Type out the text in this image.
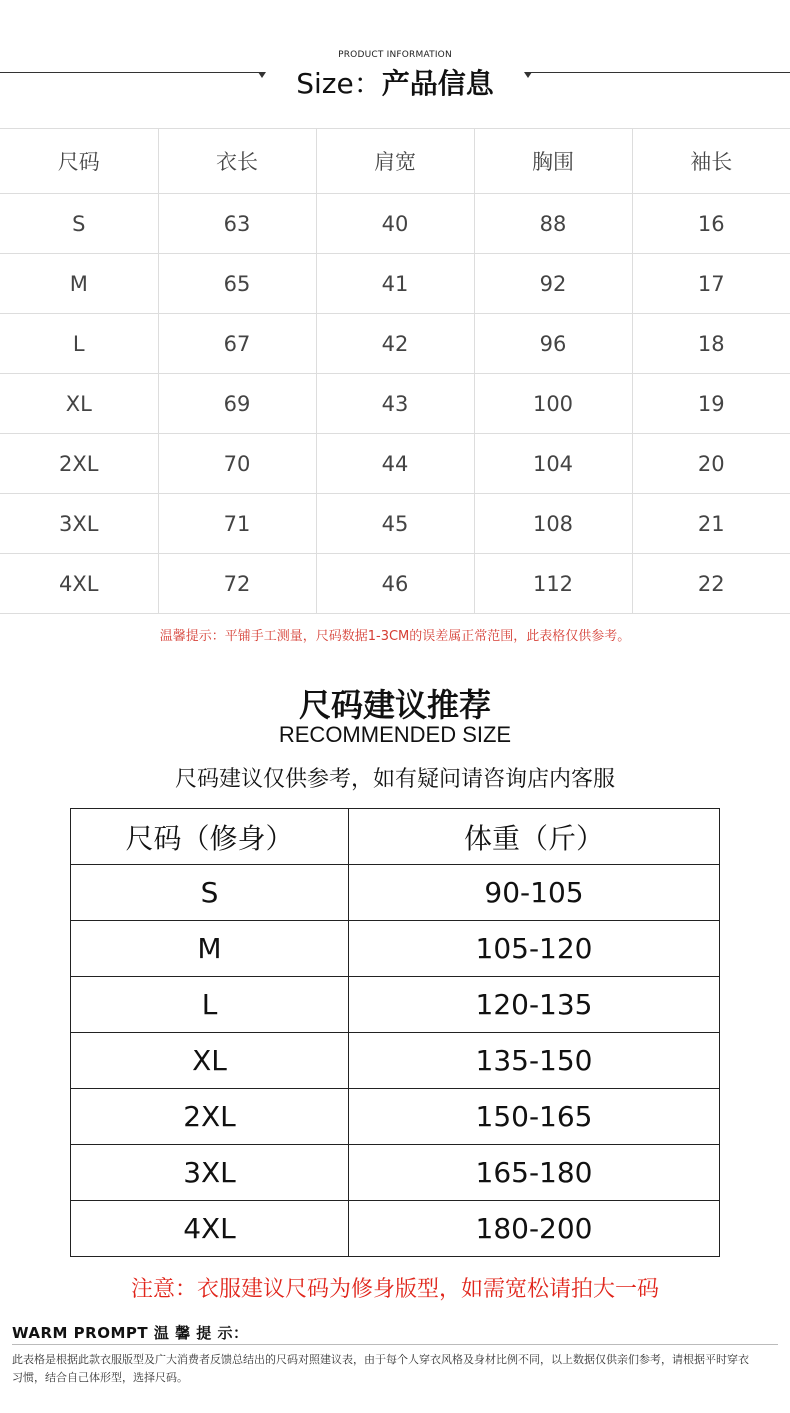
PRODUCT INFORMATION
Size：产品信息
尺码	衣长	肩宽	胸围	袖长
S	63	40	88	16
M	65	41	92	17
L	67	42	96	18
XL	69	43	100	19
2XL	70	44	104	20
3XL	71	45	108	21
4XL	72	46	112	22
温馨提示：平铺手工测量，尺码数据1-3CM的误差属正常范围，此表格仅供参考。
尺码建议推荐
RECOMMENDED SIZE
尺码建议仅供参考，如有疑问请咨询店内客服
尺码（修身）	体重（斤）
S	90-105
M	105-120
L	120-135
XL	135-150
2XL	150-165
3XL	165-180
4XL	180-200
注意：衣服建议尺码为修身版型，如需宽松请拍大一码
WARM PROMPT 温 馨 提 示：
此表格是根据此款衣服版型及广大消费者反馈总结出的尺码对照建议表，由于每个人穿衣风格及身材比例不同，以上数据仅供亲们参考，请根据平时穿衣习惯，结合自己体形型，选择尺码。
